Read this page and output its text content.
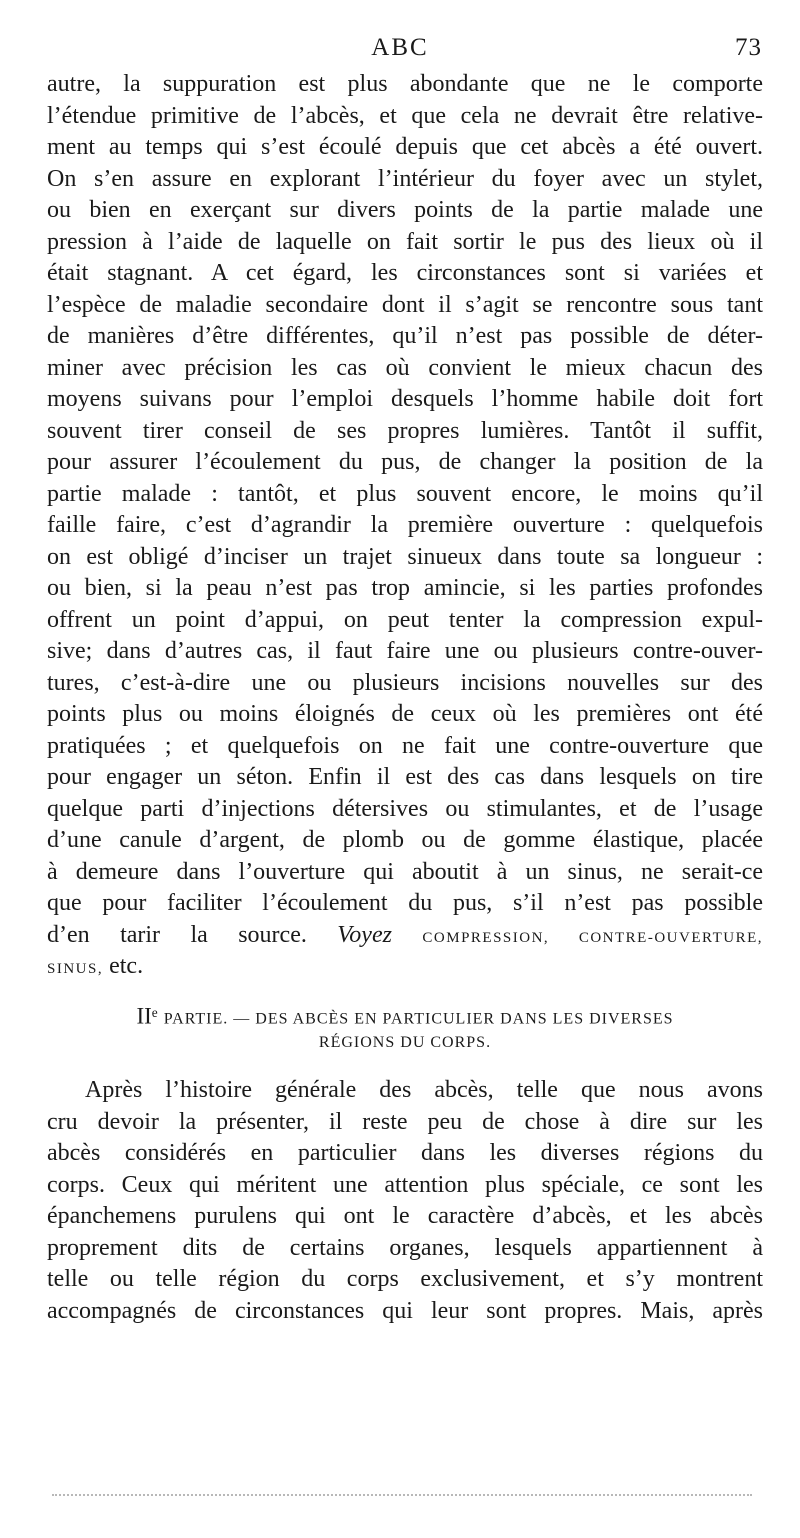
ABC	73
autre, la suppuration est plus abondante que ne le comporte
l’étendue primitive de l’abcès, et que cela ne devrait être relative-
ment au temps qui s’est écoulé depuis que cet abcès a été ouvert.
On s’en assure en explorant l’intérieur du foyer avec un stylet,
ou bien en exerçant sur divers points de la partie malade une
pression à l’aide de laquelle on fait sortir le pus des lieux où il
était stagnant. A cet égard, les circonstances sont si variées et
l’espèce de maladie secondaire dont il s’agit se rencontre sous tant
de manières d’être différentes, qu’il n’est pas possible de déter-
miner avec précision les cas où convient le mieux chacun des
moyens suivans pour l’emploi desquels l’homme habile doit fort
souvent tirer conseil de ses propres lumières. Tantôt il suffit,
pour assurer l’écoulement du pus, de changer la position de la
partie malade : tantôt, et plus souvent encore, le moins qu’il
faille faire, c’est d’agrandir la première ouverture : quelquefois
on est obligé d’inciser un trajet sinueux dans toute sa longueur :
ou bien, si la peau n’est pas trop amincie, si les parties profondes
offrent un point d’appui, on peut tenter la compression expul-
sive; dans d’autres cas, il faut faire une ou plusieurs contre-ouver-
tures, c’est-à-dire une ou plusieurs incisions nouvelles sur des
points plus ou moins éloignés de ceux où les premières ont été
pratiquées ; et quelquefois on ne fait une contre-ouverture que
pour engager un séton. Enfin il est des cas dans lesquels on tire
quelque parti d’injections détersives ou stimulantes, et de l’usage
d’une canule d’argent, de plomb ou de gomme élastique, placée
à demeure dans l’ouverture qui aboutit à un sinus, ne serait-ce
que pour faciliter l’écoulement du pus, s’il n’est pas possible
d’en tarir la source. Voyez COMPRESSION, CONTRE-OUVERTURE,
SINUS, etc.
IIe PARTIE. — DES ABCÈS EN PARTICULIER DANS LES DIVERSES
RÉGIONS DU CORPS.
Après l’histoire générale des abcès, telle que nous avons
cru devoir la présenter, il reste peu de chose à dire sur les
abcès considérés en particulier dans les diverses régions du
corps. Ceux qui méritent une attention plus spéciale, ce sont les
épanchemens purulens qui ont le caractère d’abcès, et les abcès
proprement dits de certains organes, lesquels appartiennent à
telle ou telle région du corps exclusivement, et s’y montrent
accompagnés de circonstances qui leur sont propres. Mais, après
